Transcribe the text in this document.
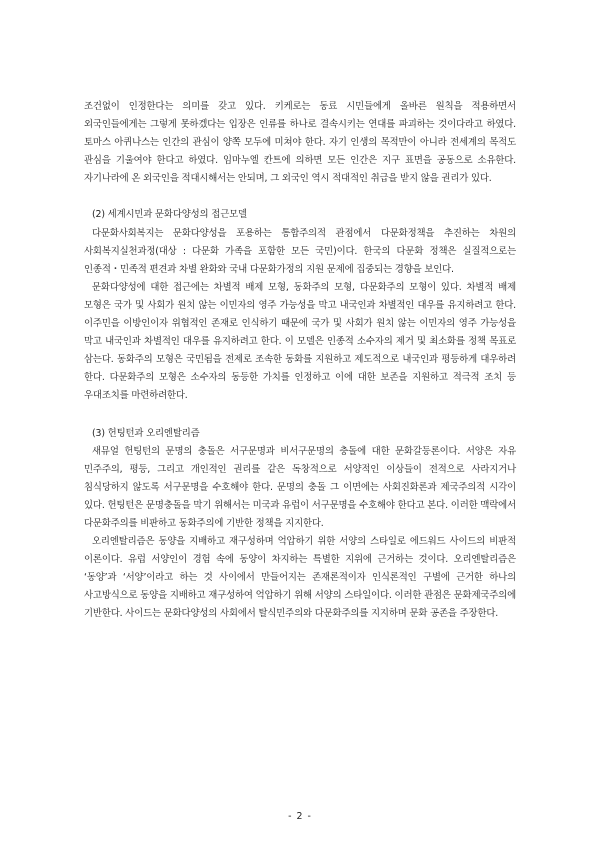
조건없이 인정한다는 의미를 갖고 있다. 키케로는 동료 시민들에게 올바른 원칙을 적용하면서 외국인들에게는 그렇게 못하겠다는 입장은 인류를 하나로 결속시키는 연대를 파괴하는 것이다라고 하였다. 토마스 아퀴나스는 인간의 관심이 양쪽 모두에 미쳐야 한다. 자기 인생의 목적만이 아니라 전세계의 목적도 관심을 기울여야 한다고 하였다. 임마누엘 칸트에 의하면 모든 인간은 지구 표면을 공동으로 소유한다. 자기나라에 온 외국인을 적대시해서는 안되며, 그 외국인 역시 적대적인 취급을 받지 않을 권리가 있다.

(2) 세계시민과 문화다양성의 접근모델

다문화사회복지는 문화다양성을 포용하는 통합주의적 관점에서 다문화정책을 추진하는 차원의 사회복지실천과정(대상 : 다문화 가족을 포함한 모든 국민)이다. 한국의 다문화 정책은 실질적으로는 인종적・민족적 편견과 차별 완화와 국내 다문화가정의 지원 문제에 집중되는 경향을 보인다.

문화다양성에 대한 접근에는 차별적 배제 모형, 동화주의 모형, 다문화주의 모형이 있다. 차별적 배제 모형은 국가 및 사회가 원치 않는 이민자의 영주 가능성을 막고 내국인과 차별적인 대우를 유지하려고 한다. 이주민을 이방인이자 위협적인 존재로 인식하기 때문에 국가 및 사회가 원치 않는 이민자의 영주 가능성을 막고 내국인과 차별적인 대우를 유지하려고 한다. 이 모델은 인종적 소수자의 제거 및 최소화를 정책 목표로 삼는다. 동화주의 모형은 국민됨을 전제로 조속한 동화를 지원하고 제도적으로 내국인과 평등하게 대우하려 한다. 다문화주의 모형은 소수자의 동등한 가치를 인정하고 이에 대한 보존을 지원하고 적극적 조치 등 우대조치를 마련하려한다.

(3) 헌팅턴과 오리엔탈리즘

새뮤얼 헌팅턴의 문명의 충돌은 서구문명과 비서구문명의 충돌에 대한 문화갈등론이다. 서양은 자유 민주주의, 평등, 그리고 개인적인 권리를 같은 독창적으로 서양적인 이상들이 전적으로 사라지거나 침식당하지 않도록 서구문명을 수호해야 한다. 문명의 충돌 그 이면에는 사회진화론과 제국주의적 시각이 있다. 헌팅턴은 문명충돌을 막기 위해서는 미국과 유럽이 서구문명을 수호해야 한다고 본다. 이러한 맥락에서 다문화주의를 비판하고 동화주의에 기반한 정책을 지지한다.

오리엔탈리즘은 동양을 지배하고 재구성하며 억압하기 위한 서양의 스타일로 에드워드 사이드의 비판적 이론이다. 유럽 서양인이 경험 속에 동양이 차지하는 특별한 지위에 근거하는 것이다. 오리엔탈리즘은 ‘동양’과 ‘서양’이라고 하는 것 사이에서 만들어지는 존재론적이자 인식론적인 구별에 근거한 하나의 사고방식으로 동양을 지배하고 재구성하여 억압하기 위해 서양의 스타일이다. 이러한 관점은 문화제국주의에 기반한다. 사이드는 문화다양성의 사회에서 탈식민주의와 다문화주의를 지지하며 문화 공존을 주장한다.

- 2 -
